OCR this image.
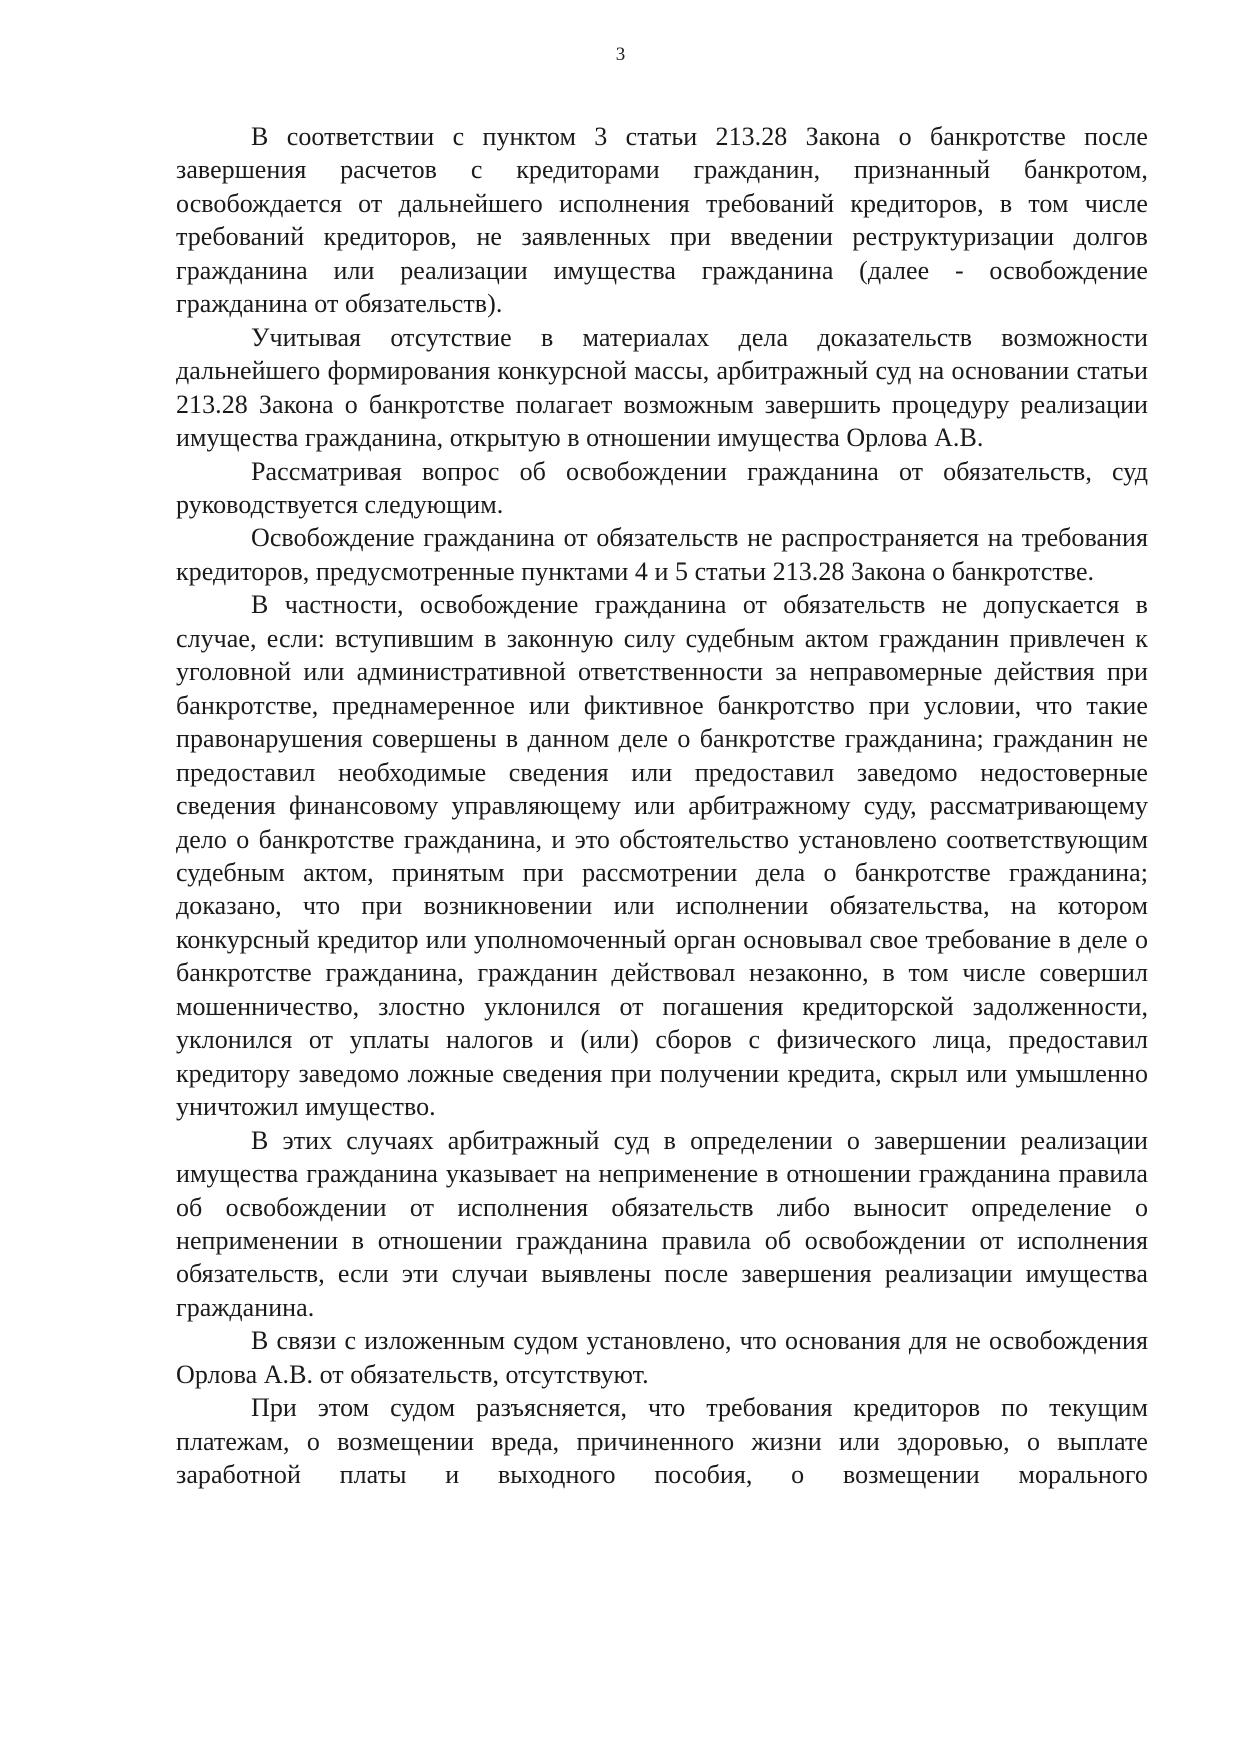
3

В соответствии с пунктом 3 статьи 213.28 Закона о банкротстве после завершения расчетов с кредиторами гражданин, признанный банкротом, освобождается от дальнейшего исполнения требований кредиторов, в том числе требований кредиторов, не заявленных при введении реструктуризации долгов гражданина или реализации имущества гражданина (далее - освобождение гражданина от обязательств).

Учитывая отсутствие в материалах дела доказательств возможности дальнейшего формирования конкурсной массы, арбитражный суд на основании статьи 213.28 Закона о банкротстве полагает возможным завершить процедуру реализации имущества гражданина, открытую в отношении имущества Орлова А.В.

Рассматривая вопрос об освобождении гражданина от обязательств, суд руководствуется следующим.

Освобождение гражданина от обязательств не распространяется на требования кредиторов, предусмотренные пунктами 4 и 5 статьи 213.28 Закона о банкротстве.

В частности, освобождение гражданина от обязательств не допускается в случае, если: вступившим в законную силу судебным актом гражданин привлечен к уголовной или административной ответственности за неправомерные действия при банкротстве, преднамеренное или фиктивное банкротство при условии, что такие правонарушения совершены в данном деле о банкротстве гражданина; гражданин не предоставил необходимые сведения или предоставил заведомо недостоверные сведения финансовому управляющему или арбитражному суду, рассматривающему дело о банкротстве гражданина, и это обстоятельство установлено соответствующим судебным актом, принятым при рассмотрении дела о банкротстве гражданина; доказано, что при возникновении или исполнении обязательства, на котором конкурсный кредитор или уполномоченный орган основывал свое требование в деле о банкротстве гражданина, гражданин действовал незаконно, в том числе совершил мошенничество, злостно уклонился от погашения кредиторской задолженности, уклонился от уплаты налогов и (или) сборов с физического лица, предоставил кредитору заведомо ложные сведения при получении кредита, скрыл или умышленно уничтожил имущество.

В этих случаях арбитражный суд в определении о завершении реализации имущества гражданина указывает на неприменение в отношении гражданина правила об освобождении от исполнения обязательств либо выносит определение о неприменении в отношении гражданина правила об освобождении от исполнения обязательств, если эти случаи выявлены после завершения реализации имущества гражданина.

В связи с изложенным судом установлено, что основания для не освобождения Орлова А.В. от обязательств, отсутствуют.

При этом судом разъясняется, что требования кредиторов по текущим платежам, о возмещении вреда, причиненного жизни или здоровью, о выплате заработной платы и выходного пособия, о возмещении морального
